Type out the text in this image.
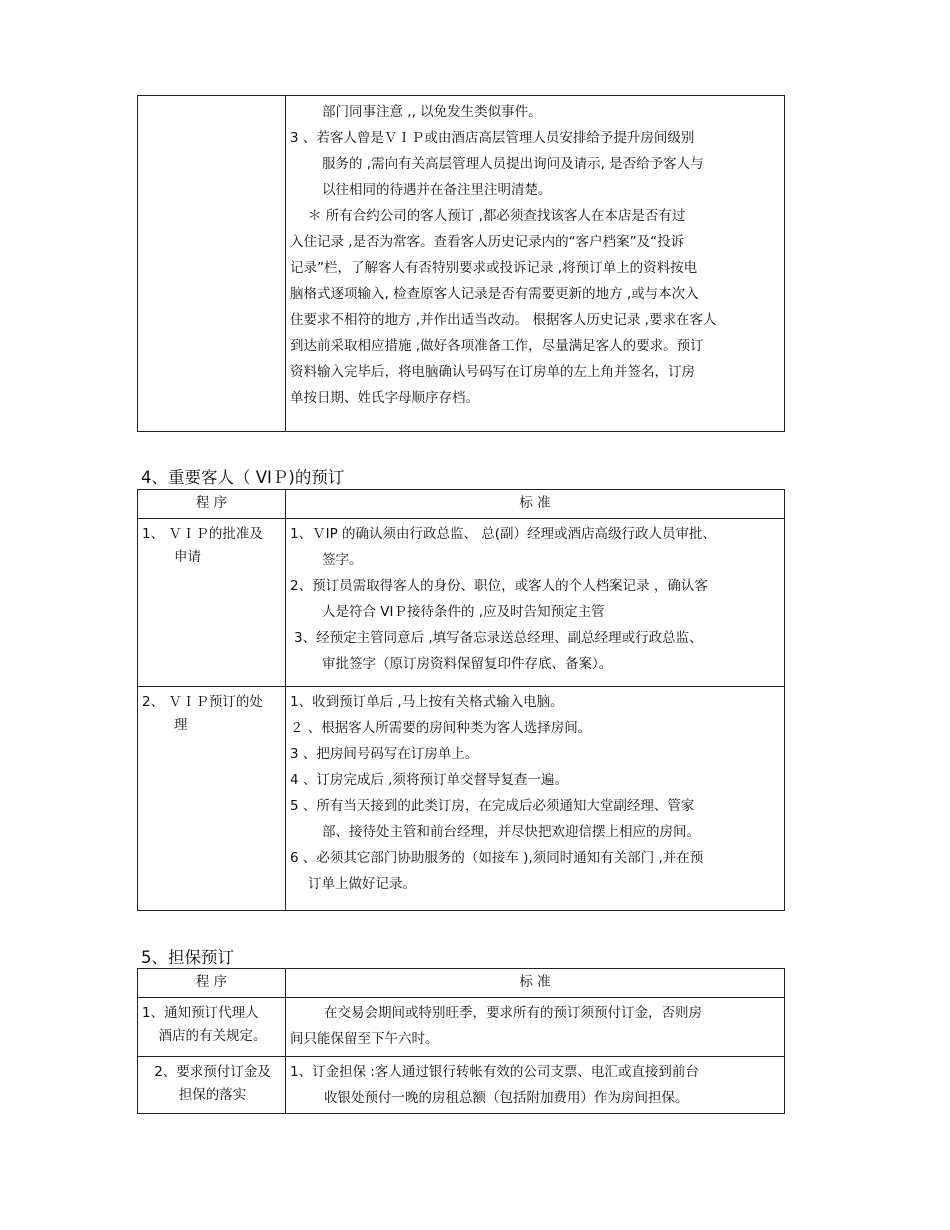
部门同事注意 ,, 以免发生类似事件。
3 、若客人曾是ＶＩＰ或由酒店高层管理人员安排给予提升房间级别
服务的 ,需向有关高层管理人员提出询问及请示, 是否给予客人与
以往相同的待遇并在备注里注明清楚。
＊ 所有合约公司的客人预订 ,都必须查找该客人在本店是否有过
入住记录 ,是否为常客。查看客人历史记录内的“客户档案”及“投诉
记录”栏，了解客人有否特别要求或投诉记录 ,将预订单上的资料按电
脑格式逐项输入, 检查原客人记录是否有需要更新的地方 ,或与本次入
住要求不相符的地方 ,并作出适当改动。 根据客人历史记录 ,要求在客人
到达前采取相应措施 ,做好各项准备工作，尽量满足客人的要求。预订
资料输入完毕后，将电脑确认号码写在订房单的左上角并签名，订房
单按日期、姓氏字母顺序存档。
4、重要客人（ VIＰ)的预订
程 序	标 准
1、 ＶＩＰ的批准及
申请
1、ＶIP 的确认须由行政总监、 总(副）经理或酒店高级行政人员审批、
签字。
2、预订员需取得客人的身份、职位，或客人的个人档案记录 ，确认客
人是符合 VIＰ接待条件的 ,应及时告知预定主管
3、经预定主管同意后 ,填写备忘录送总经理、副总经理或行政总监、
审批签字（原订房资料保留复印件存底、备案）。
2、 ＶＩＰ预订的处
理
1、收到预订单后 ,马上按有关格式输入电脑。
２ 、根据客人所需要的房间种类为客人选择房间。
3 、把房间号码写在订房单上。
4 、订房完成后 ,须将预订单交督导复查一遍。
5 、所有当天接到的此类订房，在完成后必须通知大堂副经理、管家
部、接待处主管和前台经理，并尽快把欢迎信摆上相应的房间。
6 、必须其它部门协助服务的（如接车 ),须同时通知有关部门 ,并在预
订单上做好记录。
5、担保预订
程 序	标 准
1、通知预订代理人
酒店的有关规定。
在交易会期间或特别旺季，要求所有的预订须预付订金，否则房
间只能保留至下午六时。
2、要求预付订金及
担保的落实
1、订金担保 :客人通过银行转帐有效的公司支票、电汇或直接到前台
收银处预付一晚的房租总额（包括附加费用）作为房间担保。
